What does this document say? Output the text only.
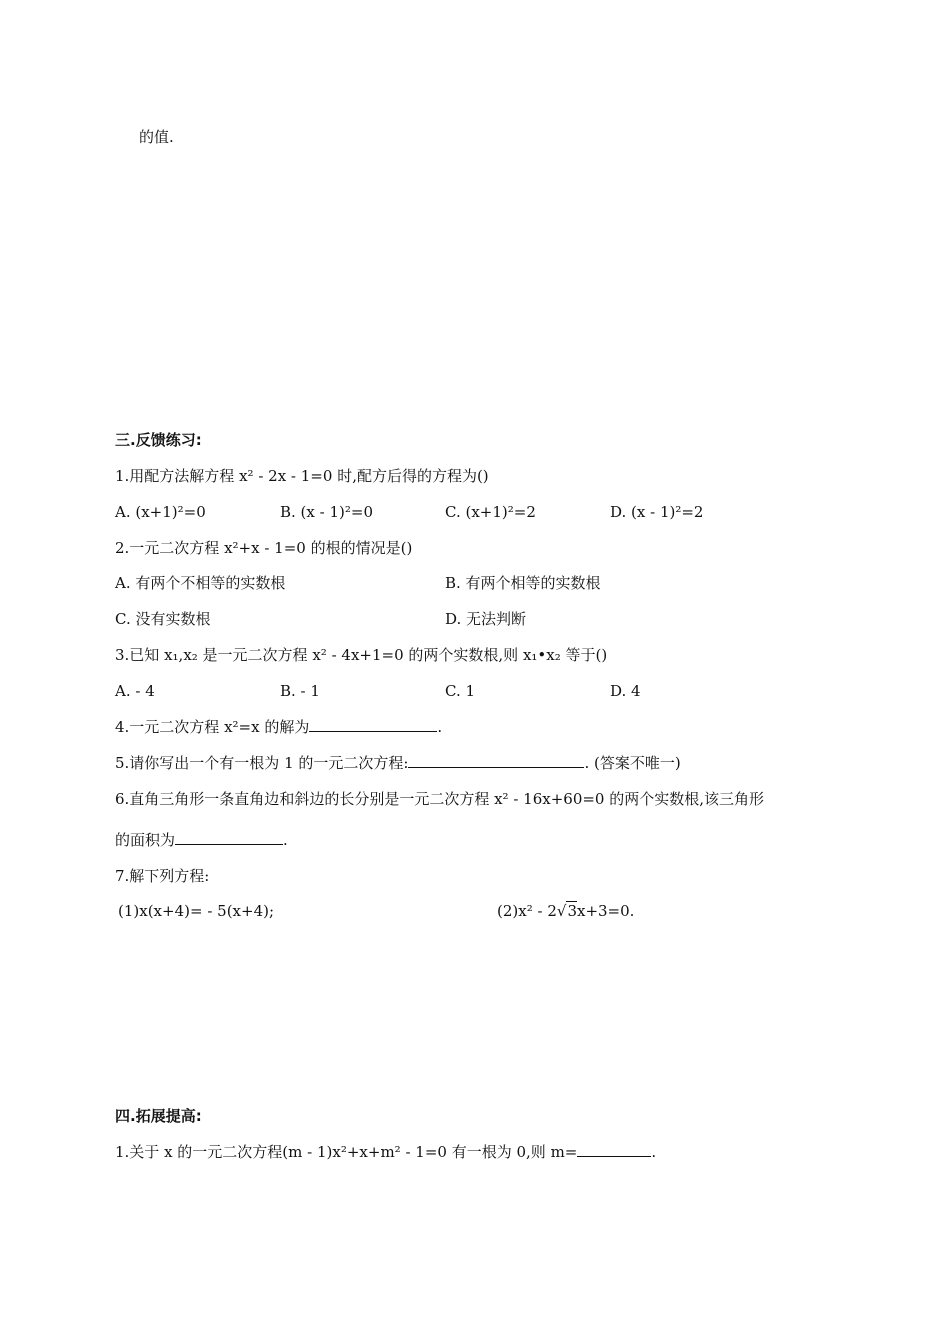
的值.
三.反馈练习:
1.用配方法解方程 x² - 2x - 1=0 时,配方后得的方程为()
A. (x+1)²=0	B. (x - 1)²=0	C. (x+1)²=2	D. (x - 1)²=2
2.一元二次方程 x²+x - 1=0 的根的情况是()
A. 有两个不相等的实数根	B. 有两个相等的实数根
C. 没有实数根	D. 无法判断
3.已知 x₁,x₂ 是一元二次方程 x² - 4x+1=0 的两个实数根,则 x₁•x₂ 等于()
A. - 4	B. - 1	C. 1	D. 4
4.一元二次方程 x²=x 的解为	.
5.请你写出一个有一根为 1 的一元二次方程:	. (答案不唯一)
6.直角三角形一条直角边和斜边的长分别是一元二次方程 x² - 16x+60=0 的两个实数根,该三角形
的面积为	.
7.解下列方程:
(1)x(x+4)= - 5(x+4);	(2)x² - 2√3x+3=0.
四.拓展提高:
1.关于 x 的一元二次方程(m - 1)x²+x+m² - 1=0 有一根为 0,则 m=	.
